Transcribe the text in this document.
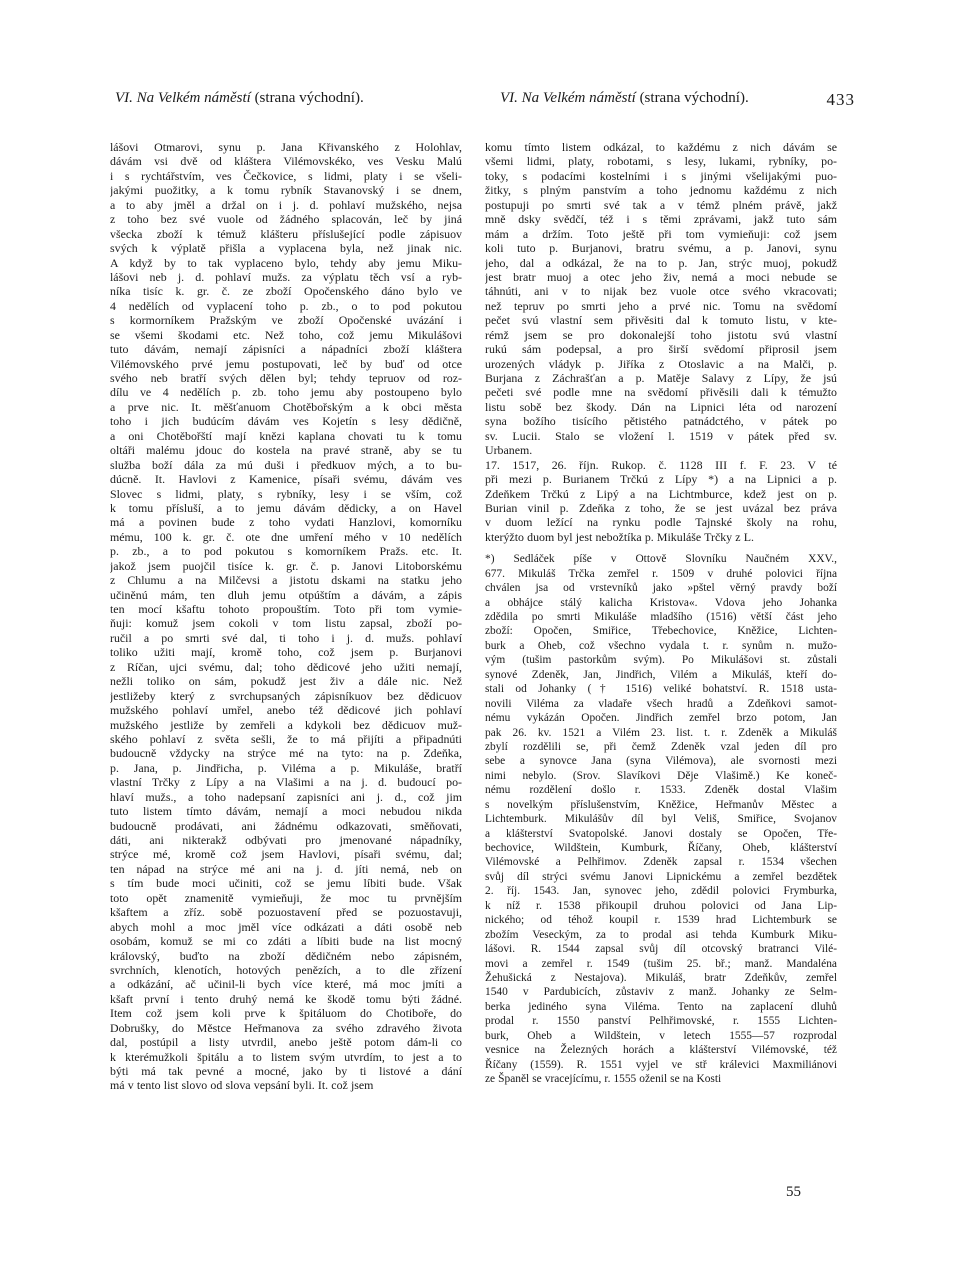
VI. Na Velkém náměstí (strana východní).	VI. Na Velkém náměstí (strana východní).	433
lášovi Otmarovi, synu p. Jana Křivanského z Holohlav,
dávám vsi dvě od kláštera Vilémovskéko, ves Vesku Malú
i s rychtářstvím, ves Čečkovice, s lidmi, platy i se všeli-
jakými puožitky, a k tomu rybník Stavanovský i se dnem,
a to aby jměl a držal on i j. d. pohlaví mužského, nejsa
z toho bez své vuole od žádného splacován, leč by jiná
všecka zboží k témuž klášteru příslušející podle zápisuov
svých k výplatě přišla a vyplacena byla, než jinak nic.
A když by to tak vyplaceno bylo, tehdy aby jemu Miku-
lášovi neb j. d. pohlaví mužs. za výplatu těch vsí a ryb-
níka tisíc k. gr. č. ze zboží Opočenského dáno bylo ve
4 nedělích od vyplacení toho p. zb., o to pod pokutou
s kormorníkem Pražským ve zboží Opočenské uvázání i
se všemi škodami etc. Než toho, což jemu Mikulášovi
tuto dávám, nemají zápisníci a nápadníci zboží kláštera
Vilémovského prvé jemu postupovati, leč by buď od otce
svého neb bratří svých dělen byl; tehdy tepruov od roz-
dílu ve 4 nedělích p. zb. toho jemu aby postoupeno bylo
a prve nic. It. měšťanuom Chotěbořským a k obci města
toho i jich budúcím dávám ves Kojetín s lesy dědičně,
a oni Chotěbořští mají knězi kaplana chovati tu k tomu
oltáři malému jdouc do kostela na pravé straně, aby se tu
služba boží dála za mú duši i předkuov mých, a to bu-
dúcně. It. Havlovi z Kamenice, písaři svému, dávám ves
Slovec s lidmi, platy, s rybníky, lesy i se vším, což
k tomu přísluší, a to jemu dávám dědicky, a on Havel
má a povinen bude z toho vydati Hanzlovi, komorníku
mému, 100 k. gr. č. ote dne umření mého v 10 nedělích
p. zb., a to pod pokutou s komorníkem Pražs. etc. It.
jakož jsem puojčil tisíce k. gr. č. p. Janovi Litoborskému
z Chlumu a na Milčevsi a jistotu dskami na statku jeho
učiněnú mám, ten dluh jemu otpúštím a dávám, a zápis
ten mocí kšaftu tohoto propouštím. Toto při tom vymie-
ňuji: komuž jsem cokoli v tom listu zapsal, zboží po-
ručil a po smrti své dal, ti toho i j. d. mužs. pohlaví
toliko užiti mají, kromě toho, což jsem p. Burjanovi
z Ríčan, ujci svému, dal; toho dědicové jeho užiti nemají,
nežli toliko on sám, pokudž jest živ a dále nic. Než
jestližeby který z svrchupsaných zápisníkuov bez dědicuov
mužského pohlaví umřel, anebo též dědicové jich pohlaví
mužského jestliže by zemřeli a kdykoli bez dědicuov muž-
ského pohlaví z světa sešli, že to má přijíti a připadnúti
budoucně vždycky na strýce mé na tyto: na p. Zdeňka,
p. Jana, p. Jindřicha, p. Viléma a p. Mikuláše, bratří
vlastní Trčky z Lípy a na Vlašimi a na j. d. budoucí po-
hlaví mužs., a toho nadepsaní zapisníci ani j. d., což jim
tuto listem tímto dávám, nemají a moci nebudou nikda
budoucně prodávati, ani žádnému odkazovati, směňovati,
dáti, ani nikterakž odbývati pro jmenované nápadníky,
strýce mé, kromě což jsem Havlovi, písaři svému, dal;
ten nápad na strýce mé ani na j. d. jíti nemá, neb on
s tím bude moci učiniti, což se jemu líbiti bude. Však
toto opět znamenitě vymieňuji, že moc tu prvnějším
kšaftem a zříz. sobě pozuostavení před se pozuostavuji,
abych mohl a moc jměl více odkázati a dáti osobě neb
osobám, komuž se mi co zdáti a líbiti bude na list mocný
královský, buďto na zboží dědičném nebo zápisném,
svrchních, klenotích, hotových penězích, a to dle zřízení
a odkázání, ač učinil-li bych více které, má moc jmíti a
kšaft první i tento druhý nemá ke škodě tomu býti žádné.
Item což jsem koli prve k špitáluom do Chotiboře, do
Dobrušky, do Městce Heřmanova za svého zdravého života
dal, postúpil a listy utvrdil, anebo ještě potom dám-li co
k kterémužkoli špitálu a to listem svým utvrdím, to jest a to
býti má tak pevné a mocné, jako by ti listové a dání
má v tento list slovo od slova vepsání byli. It. což jsem
komu tímto listem odkázal, to každému z nich dávám se
všemi lidmi, platy, robotami, s lesy, lukami, rybníky, po-
toky, s podacími kostelními i s jinými všelijakými puo-
žitky, s plným panstvím a toho jednomu každému z nich
postupuji po smrti své tak a v témž plném právě, jakž
mně dsky svědčí, též i s těmi zprávami, jakž tuto sám
mám a držím. Toto ještě při tom vymieňuji: což jsem
koli tuto p. Burjanovi, bratru svému, a p. Janovi, synu
jeho, dal a odkázal, že na to p. Jan, strýc muoj, pokudž
jest bratr muoj a otec jeho živ, nemá a moci nebude se
táhnúti, ani v to nijak bez vuole otce svého vkracovati;
než tepruv po smrti jeho a prvé nic. Tomu na svědomí
pečet svú vlastní sem přivěsiti dal k tomuto listu, v kte-
rémž jsem se pro dokonalejší toho jistotu svú vlastní
rukú sám podepsal, a pro širší svědomí připrosil jsem
urozených vládyk p. Jiříka z Otoslavic a na Malči, p.
Burjana z Záchrašťan a p. Matěje Salavy z Lípy, že jsú
pečeti své podle mne na svědomí přivěsili dali k témužto
listu sobě bez škody. Dán na Lipnici léta od narození
syna božího tisícího pětistého patnádctého, v pátek po
sv. Lucii. Stalo se vložení l. 1519 v pátek před sv.
Urbanem.
17. 1517, 26. říjn. Rukop. č. 1128 III f. F. 23. V té
při mezi p. Burianem Trčkú z Lípy *) a na Lipnici a p.
Zdeňkem Trčkú z Lipý a na Lichtmburce, kdež jest on p.
Burian vinil p. Zdeňka z toho, že se jest uvázal bez práva
v duom ležící na rynku podle Tajnské školy na rohu,
kterýžto duom byl jest nebožtíka p. Mikuláše Trčky z L.
*) Sedláček píše v Ottově Slovníku Naučném XXV.,
677. Mikuláš Trčka zemřel r. 1509 v druhé polovici října
chválen jsa od vrstevníků jako »pštel věrný pravdy boží
a obhájce stálý kalicha Kristova«. Vdova jeho Johanka
zdědila po smrti Mikuláše mladšího (1516) větší část jeho
zboží: Opočen, Smiřice, Třebechovice, Kněžice, Lichten-
burk a Oheb, což všechno vydala t. r. synům n. mužo-
vým (tušim pastorkům svým). Po Mikulášovi st. zůstali
synové Zdeněk, Jan, Jindřich, Vilém a Mikuláš, kteří do-
stali od Johanky († 1516) veliké bohatství. R. 1518 usta-
novili Viléma za vladaře všech hradů a Zdeňkovi samot-
nému vykázán Opočen. Jindřich zemřel brzo potom, Jan
pak 26. kv. 1521 a Vilém 23. list. t. r. Zdeněk a Mikuláš
zbylí rozdělili se, při čemž Zdeněk vzal jeden díl pro
sebe a synovce Jana (syna Vilémova), ale svornosti mezi
nimi nebylo. (Srov. Slavíkovi Děje Vlašimě.) Ke koneč-
nému rozdělení došlo r. 1533. Zdeněk dostal Vlašim
s novelkým příslušenstvím, Kněžice, Heřmanův Městec a
Lichtemburk. Mikulášův díl byl Veliš, Smiřice, Svojanov
a klášterství Svatopolské. Janovi dostaly se Opočen, Tře-
bechovice, Wildštein, Kumburk, Říčany, Oheb, klášterství
Vilémovské a Pelhřimov. Zdeněk zapsal r. 1534 všechen
svůj díl strýci svému Janovi Lipnickému a zemřel bezdětek
2. říj. 1543. Jan, synovec jeho, zdědil polovici Frymburka,
k níž r. 1538 přikoupil druhou polovici od Jana Lip-
nického; od téhož koupil r. 1539 hrad Lichtemburk se
zbožím Veseckým, za to prodal asi tehda Kumburk Miku-
lášovi. R. 1544 zapsal svůj díl otcovský bratranci Vilé-
movi a zemřel r. 1549 (tušim 25. bř.; manž. Mandaléna
Žehušická z Nestajova). Mikuláš, bratr Zdeňkův, zemřel
1540 v Pardubicích, zůstaviv z manž. Johanky ze Selm-
berka jediného syna Viléma. Tento na zaplacení dluhů
prodal r. 1550 panství Pelhřimovské, r. 1555 Lichten-
burk, Oheb a Wildštein, v letech 1555—57 rozprodal
vesnice na Železných horách a klášterství Vilémovské, též
Říčany (1559). R. 1551 vyjel ve stř králevici Maxmiliánovi
ze Španěl se vracejícímu, r. 1555 oženil se na Kosti
55
